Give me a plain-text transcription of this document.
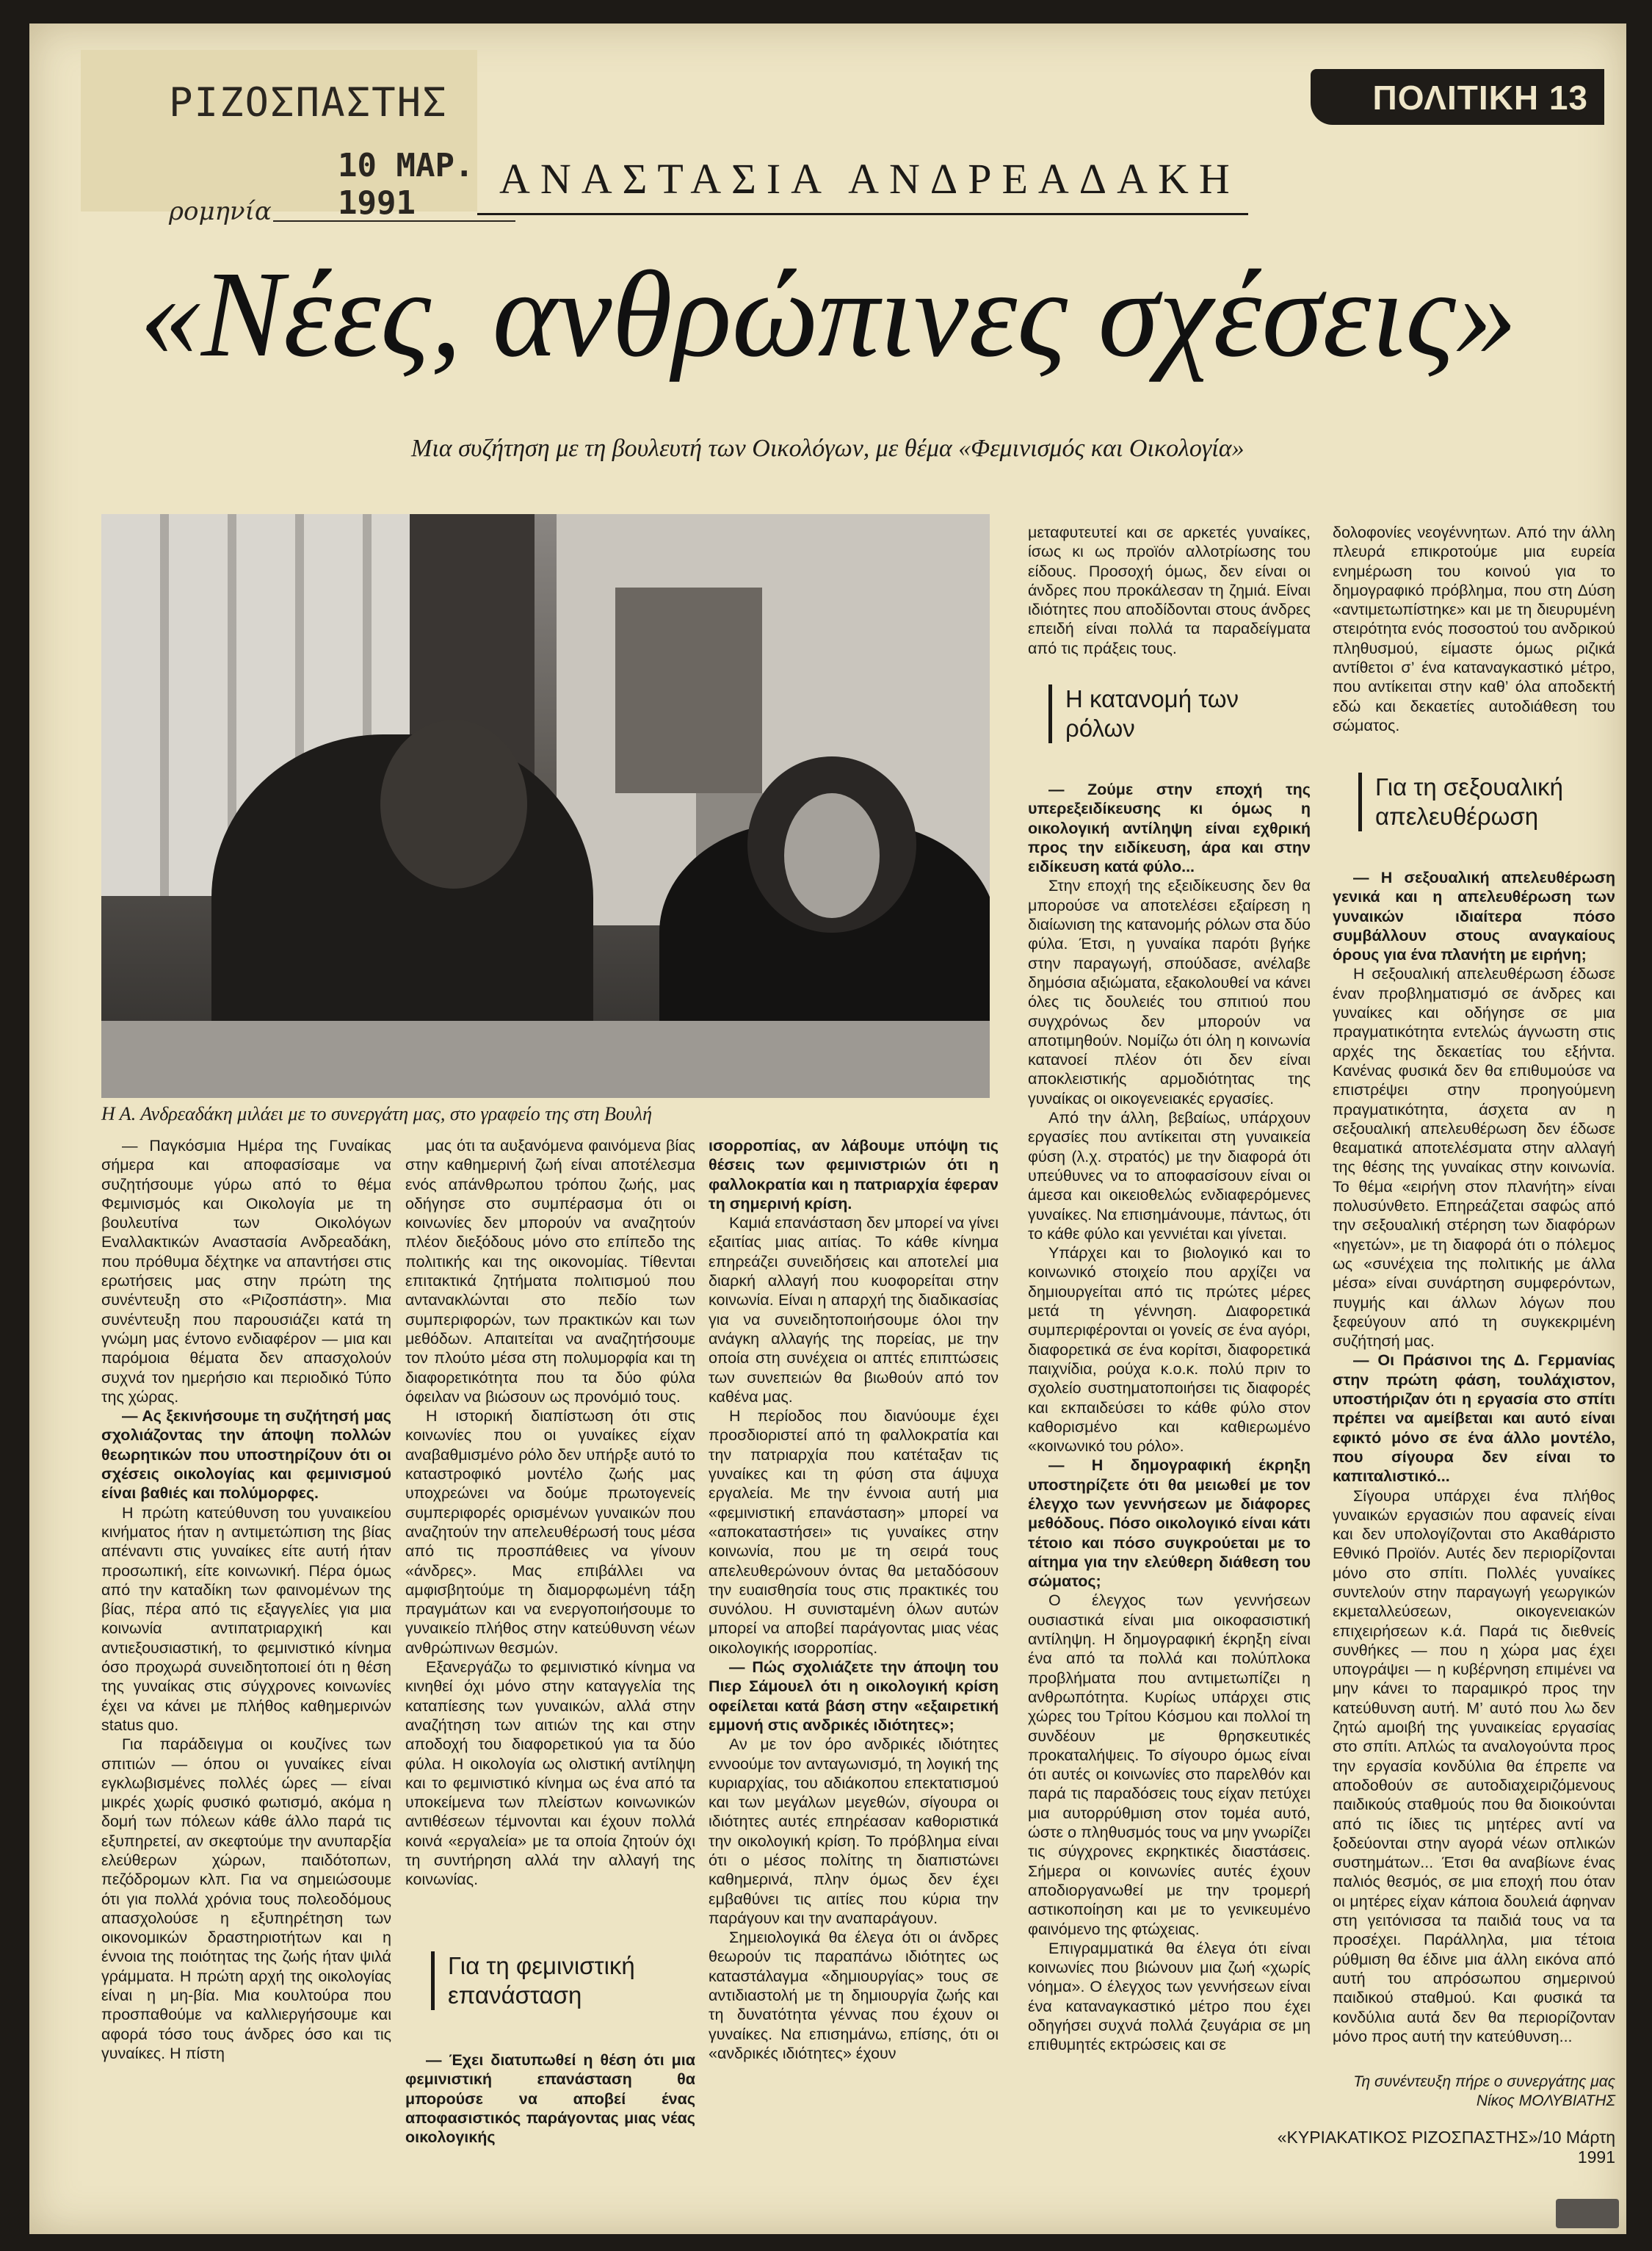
ΡΙΖΟΣΠΑΣΤΗΣ
10 ΜΑΡ. 1991
ρομηνία
ΠΟΛΙΤΙΚΗ 13
ΑΝΑΣΤΑΣΙΑ ΑΝΔΡΕΑΔΑΚΗ
«Νέες, ανθρώπινες σχέσεις»
Μια συζήτηση με τη βουλευτή των Οικολόγων, με θέμα «Φεμινισμός και Οικολογία»
Η Α. Ανδρεαδάκη μιλάει με το συνεργάτη μας, στο γραφείο της στη Βουλή

— Παγκόσμια Ημέρα της Γυναίκας σήμερα και αποφασίσαμε να συζητήσουμε γύρω από το θέμα Φεμινισμός και Οικολογία με τη βουλευτίνα των Οικολόγων Εναλλακτικών Αναστασία Ανδρεαδάκη, που πρόθυμα δέχτηκε να απαντήσει στις ερωτήσεις μας στην πρώτη της συνέντευξη στο «Ριζοσπάστη». Μια συνέντευξη που παρουσιάζει κατά τη γνώμη μας έντονο ενδιαφέρον — μια και παρόμοια θέματα δεν απασχολούν συχνά τον ημερήσιο και περιοδικό Τύπο της χώρας.

— Ας ξεκινήσουμε τη συζήτησή μας σχολιάζοντας την άποψη πολλών θεωρητικών που υποστηρίζουν ότι οι σχέσεις οικολογίας και φεμινισμού είναι βαθιές και πολύμορφες.

Η πρώτη κατεύθυνση του γυναικείου κινήματος ήταν η αντιμετώπιση της βίας απέναντι στις γυναίκες είτε αυτή ήταν προσωπική, είτε κοινωνική. Πέρα όμως από την καταδίκη των φαινομένων της βίας, πέρα από τις εξαγγελίες για μια κοινωνία αντιπατριαρχική και αντιεξουσιαστική, το φεμινιστικό κίνημα όσο προχωρά συνειδητοποιεί ότι η θέση της γυναίκας στις σύγχρονες κοινωνίες έχει να κάνει με πλήθος καθημερινών status quo.

Για παράδειγμα οι κουζίνες των σπιτιών — όπου οι γυναίκες είναι εγκλωβισμένες πολλές ώρες — είναι μικρές χωρίς φυσικό φωτισμό, ακόμα η δομή των πόλεων κάθε άλλο παρά τις εξυπηρετεί, αν σκεφτούμε την ανυπαρξία ελεύθερων χώρων, παιδότοπων, πεζόδρομων κλπ. Για να σημειώσουμε ότι για πολλά χρόνια τους πολεοδόμους απασχολούσε η εξυπηρέτηση των οικονομικών δραστηριοτήτων και η έννοια της ποιότητας της ζωής ήταν ψιλά γράμματα. Η πρώτη αρχή της οικολογίας είναι η μη-βία. Μια κουλτούρα που προσπαθούμε να καλλιεργήσουμε και αφορά τόσο τους άνδρες όσο και τις γυναίκες. Η πίστη

μας ότι τα αυξανόμενα φαινόμενα βίας στην καθημερινή ζωή είναι αποτέλεσμα ενός απάνθρωπου τρόπου ζωής, μας οδήγησε στο συμπέρασμα ότι οι κοινωνίες δεν μπορούν να αναζητούν πλέον διεξόδους μόνο στο επίπεδο της πολιτικής και της οικονομίας. Τίθενται επιτακτικά ζητήματα πολιτισμού που αντανακλώνται στο πεδίο των συμπεριφορών, των πρακτικών και των μεθόδων. Απαιτείται να αναζητήσουμε τον πλούτο μέσα στη πολυμορφία και τη διαφορετικότητα που τα δύο φύλα όφειλαν να βιώσουν ως προνόμιό τους.

Η ιστορική διαπίστωση ότι στις κοινωνίες που οι γυναίκες είχαν αναβαθμισμένο ρόλο δεν υπήρξε αυτό το καταστροφικό μοντέλο ζωής μας υποχρεώνει να δούμε πρωτογενείς συμπεριφορές ορισμένων γυναικών που αναζητούν την απελευθέρωσή τους μέσα από τις προσπάθειες να γίνουν «άνδρες». Μας επιβάλλει να αμφισβητούμε τη διαμορφωμένη τάξη πραγμάτων και να ενεργοποιήσουμε το γυναικείο πλήθος στην κατεύθυνση νέων ανθρώπινων θεσμών.

Εξανεργάζω το φεμινιστικό κίνημα να κινηθεί όχι μόνο στην καταγγελία της καταπίεσης των γυναικών, αλλά στην αναζήτηση των αιτιών της και στην αποδοχή του διαφορετικού για τα δύο φύλα. Η οικολογία ως ολιστική αντίληψη και το φεμινιστικό κίνημα ως ένα από τα υποκείμενα των πλείστων κοινωνικών αντιθέσεων τέμνονται και έχουν πολλά κοινά «εργαλεία» με τα οποία ζητούν όχι τη συντήρηση αλλά την αλλαγή της κοινωνίας.

Για τη φεμινιστική επανάσταση

— Έχει διατυπωθεί η θέση ότι μια φεμινιστική επανάσταση θα μπορούσε να αποβεί ένας αποφασιστικός παράγοντας μιας νέας οικολογικής

ισορροπίας, αν λάβουμε υπόψη τις θέσεις των φεμινιστριών ότι η φαλλοκρατία και η πατριαρχία έφεραν τη σημερινή κρίση.

Καμιά επανάσταση δεν μπορεί να γίνει εξαιτίας μιας αιτίας. Το κάθε κίνημα επηρεάζει συνειδήσεις και αποτελεί μια διαρκή αλλαγή που κυοφορείται στην κοινωνία. Είναι η απαρχή της διαδικασίας για να συνειδητοποιήσουμε όλοι την ανάγκη αλλαγής της πορείας, με την οποία στη συνέχεια οι απτές επιπτώσεις των συνεπειών θα βιωθούν από τον καθένα μας.

Η περίοδος που διανύουμε έχει προσδιοριστεί από τη φαλλοκρατία και την πατριαρχία που κατέταξαν τις γυναίκες και τη φύση στα άψυχα εργαλεία. Με την έννοια αυτή μια «φεμινιστική επανάσταση» μπορεί να «αποκαταστήσει» τις γυναίκες στην κοινωνία, που με τη σειρά τους απελευθερώνουν όντας θα μεταδόσουν την ευαισθησία τους στις πρακτικές του συνόλου. Η συνισταμένη όλων αυτών μπορεί να αποβεί παράγοντας μιας νέας οικολογικής ισορροπίας.

— Πώς σχολιάζετε την άποψη του Πιερ Σάμουελ ότι η οικολογική κρίση οφείλεται κατά βάση στην «εξαιρετική εμμονή στις ανδρικές ιδιότητες»;

Αν με τον όρο ανδρικές ιδιότητες εννοούμε τον ανταγωνισμό, τη λογική της κυριαρχίας, του αδιάκοπου επεκτατισμού και των μεγάλων μεγεθών, σίγουρα οι ιδιότητες αυτές επηρέασαν καθοριστικά την οικολογική κρίση. Το πρόβλημα είναι ότι ο μέσος πολίτης τη διαπιστώνει καθημερινά, πλην όμως δεν έχει εμβαθύνει τις αιτίες που κύρια την παράγουν και την αναπαράγουν.

Σημειολογικά θα έλεγα ότι οι άνδρες θεωρούν τις παραπάνω ιδιότητες ως καταστάλαγμα «δημιουργίας» τους σε αντιδιαστολή με τη δημιουργία ζωής και τη δυνατότητα γέννας που έχουν οι γυναίκες. Να επισημάνω, επίσης, ότι οι «ανδρικές ιδιότητες» έχουν

μεταφυτευτεί και σε αρκετές γυναίκες, ίσως κι ως προϊόν αλλοτρίωσης του είδους. Προσοχή όμως, δεν είναι οι άνδρες που προκάλεσαν τη ζημιά. Είναι ιδιότητες που αποδίδονται στους άνδρες επειδή είναι πολλά τα παραδείγματα από τις πράξεις τους.

Η κατανομή των ρόλων

— Ζούμε στην εποχή της υπερεξειδίκευσης κι όμως η οικολογική αντίληψη είναι εχθρική προς την ειδίκευση, άρα και στην ειδίκευση κατά φύλο...

Στην εποχή της εξειδίκευσης δεν θα μπορούσε να αποτελέσει εξαίρεση η διαίωνιση της κατανομής ρόλων στα δύο φύλα. Έτσι, η γυναίκα παρότι βγήκε στην παραγωγή, σπούδασε, ανέλαβε δημόσια αξιώματα, εξακολουθεί να κάνει όλες τις δουλειές του σπιτιού που συγχρόνως δεν μπορούν να αποτιμηθούν. Νομίζω ότι όλη η κοινωνία κατανοεί πλέον ότι δεν είναι αποκλειστικής αρμοδιότητας της γυναίκας οι οικογενειακές εργασίες.

Από την άλλη, βεβαίως, υπάρχουν εργασίες που αντίκειται στη γυναικεία φύση (λ.χ. στρατός) με την διαφορά ότι υπεύθυνες να το αποφασίσουν είναι οι άμεσα και οικειοθελώς ενδιαφερόμενες γυναίκες. Να επισημάνουμε, πάντως, ότι το κάθε φύλο και γεννιέται και γίνεται.

Υπάρχει και το βιολογικό και το κοινωνικό στοιχείο που αρχίζει να δημιουργείται από τις πρώτες μέρες μετά τη γέννηση. Διαφορετικά συμπεριφέρονται οι γονείς σε ένα αγόρι, διαφορετικά σε ένα κορίτσι, διαφορετικά παιχνίδια, ρούχα κ.ο.κ. πολύ πριν το σχολείο συστηματοποιήσει τις διαφορές και εκπαιδεύσει το κάθε φύλο στον καθορισμένο και καθιερωμένο «κοινωνικό του ρόλο».

— Η δημογραφική έκρηξη υποστηρίζετε ότι θα μειωθεί με τον έλεγχο των γεννήσεων με διάφορες μεθόδους. Πόσο οικολογικό είναι κάτι τέτοιο και πόσο συγκρούεται με το αίτημα για την ελεύθερη διάθεση του σώματος;

Ο έλεγχος των γεννήσεων ουσιαστικά είναι μια οικοφασιστική αντίληψη. Η δημογραφική έκρηξη είναι ένα από τα πολλά και πολύπλοκα προβλήματα που αντιμετωπίζει η ανθρωπότητα. Κυρίως υπάρχει στις χώρες του Τρίτου Κόσμου και πολλοί τη συνδέουν με θρησκευτικές προκαταλήψεις. Το σίγουρο όμως είναι ότι αυτές οι κοινωνίες στο παρελθόν και παρά τις παραδόσεις τους είχαν πετύχει μια αυτορρύθμιση στον τομέα αυτό, ώστε ο πληθυσμός τους να μην γνωρίζει τις σύγχρονες εκρηκτικές διαστάσεις. Σήμερα οι κοινωνίες αυτές έχουν αποδιοργανωθεί με την τρομερή αστικοποίηση και με το γενικευμένο φαινόμενο της φτώχειας.

Επιγραμματικά θα έλεγα ότι είναι κοινωνίες που βιώνουν μια ζωή «χωρίς νόημα». Ο έλεγχος των γεννήσεων είναι ένα καταναγκαστικό μέτρο που έχει οδηγήσει συχνά πολλά ζευγάρια σε μη επιθυμητές εκτρώσεις και σε

δολοφονίες νεογέννητων. Από την άλλη πλευρά επικροτούμε μια ευρεία ενημέρωση του κοινού για το δημογραφικό πρόβλημα, που στη Δύση «αντιμετωπίστηκε» και με τη διευρυμένη στειρότητα ενός ποσοστού του ανδρικού πληθυσμού, είμαστε όμως ριζικά αντίθετοι σ’ ένα καταναγκαστικό μέτρο, που αντίκειται στην καθ’ όλα αποδεκτή εδώ και δεκαετίες αυτοδιάθεση του σώματος.

Για τη σεξουαλική απελευθέρωση

— Η σεξουαλική απελευθέρωση γενικά και η απελευθέρωση των γυναικών ιδιαίτερα πόσο συμβάλλουν στους αναγκαίους όρους για ένα πλανήτη με ειρήνη;

Η σεξουαλική απελευθέρωση έδωσε έναν προβληματισμό σε άνδρες και γυναίκες και οδήγησε σε μια πραγματικότητα εντελώς άγνωστη στις αρχές της δεκαετίας του εξήντα. Κανένας φυσικά δεν θα επιθυμούσε να επιστρέψει στην προηγούμενη πραγματικότητα, άσχετα αν η σεξουαλική απελευθέρωση δεν έδωσε θεαματικά αποτελέσματα στην αλλαγή της θέσης της γυναίκας στην κοινωνία. Το θέμα «ειρήνη στον πλανήτη» είναι πολυσύνθετο. Επηρεάζεται σαφώς από την σεξουαλική στέρηση των διαφόρων «ηγετών», με τη διαφορά ότι ο πόλεμος ως «συνέχεια της πολιτικής με άλλα μέσα» είναι συνάρτηση συμφερόντων, πυγμής και άλλων λόγων που ξεφεύγουν από τη συγκεκριμένη συζήτησή μας.

— Οι Πράσινοι της Δ. Γερμανίας στην πρώτη φάση, τουλάχιστον, υποστήριζαν ότι η εργασία στο σπίτι πρέπει να αμείβεται και αυτό είναι εφικτό μόνο σε ένα άλλο μοντέλο, που σίγουρα δεν είναι το καπιταλιστικό...

Σίγουρα υπάρχει ένα πλήθος γυναικών εργασιών που αφανείς είναι και δεν υπολογίζονται στο Ακαθάριστο Εθνικό Προϊόν. Αυτές δεν περιορίζονται μόνο στο σπίτι. Πολλές γυναίκες συντελούν στην παραγωγή γεωργικών εκμεταλλεύσεων, οικογενειακών επιχειρήσεων κ.ά. Παρά τις διεθνείς συνθήκες — που η χώρα μας έχει υπογράψει — η κυβέρνηση επιμένει να μην κάνει το παραμικρό προς την κατεύθυνση αυτή. Μ’ αυτό που λω δεν ζητώ αμοιβή της γυναικείας εργασίας στο σπίτι. Απλώς τα αναλογούντα προς την εργασία κονδύλια θα έπρεπε να αποδοθούν σε αυτοδιαχειριζόμενους παιδικούς σταθμούς που θα διοικούνται από τις ίδιες τις μητέρες αντί να ξοδεύονται στην αγορά νέων οπλικών συστημάτων... Έτσι θα αναβίωνε ένας παλιός θεσμός, σε μια εποχή που όταν οι μητέρες είχαν κάποια δουλειά άφηναν στη γειτόνισσα τα παιδιά τους να τα προσέχει. Παράλληλα, μια τέτοια ρύθμιση θα έδινε μια άλλη εικόνα από αυτή του απρόσωπου σημερινού παιδικού σταθμού. Και φυσικά τα κονδύλια αυτά δεν θα περιορίζονταν μόνο προς αυτή την κατεύθυνση...

Τη συνέντευξη πήρε ο συνεργάτης μας Νίκος ΜΟΛΥΒΙΑΤΗΣ
«ΚΥΡΙΑΚΑΤΙΚΟΣ ΡΙΖΟΣΠΑΣΤΗΣ»/10 Μάρτη 1991
